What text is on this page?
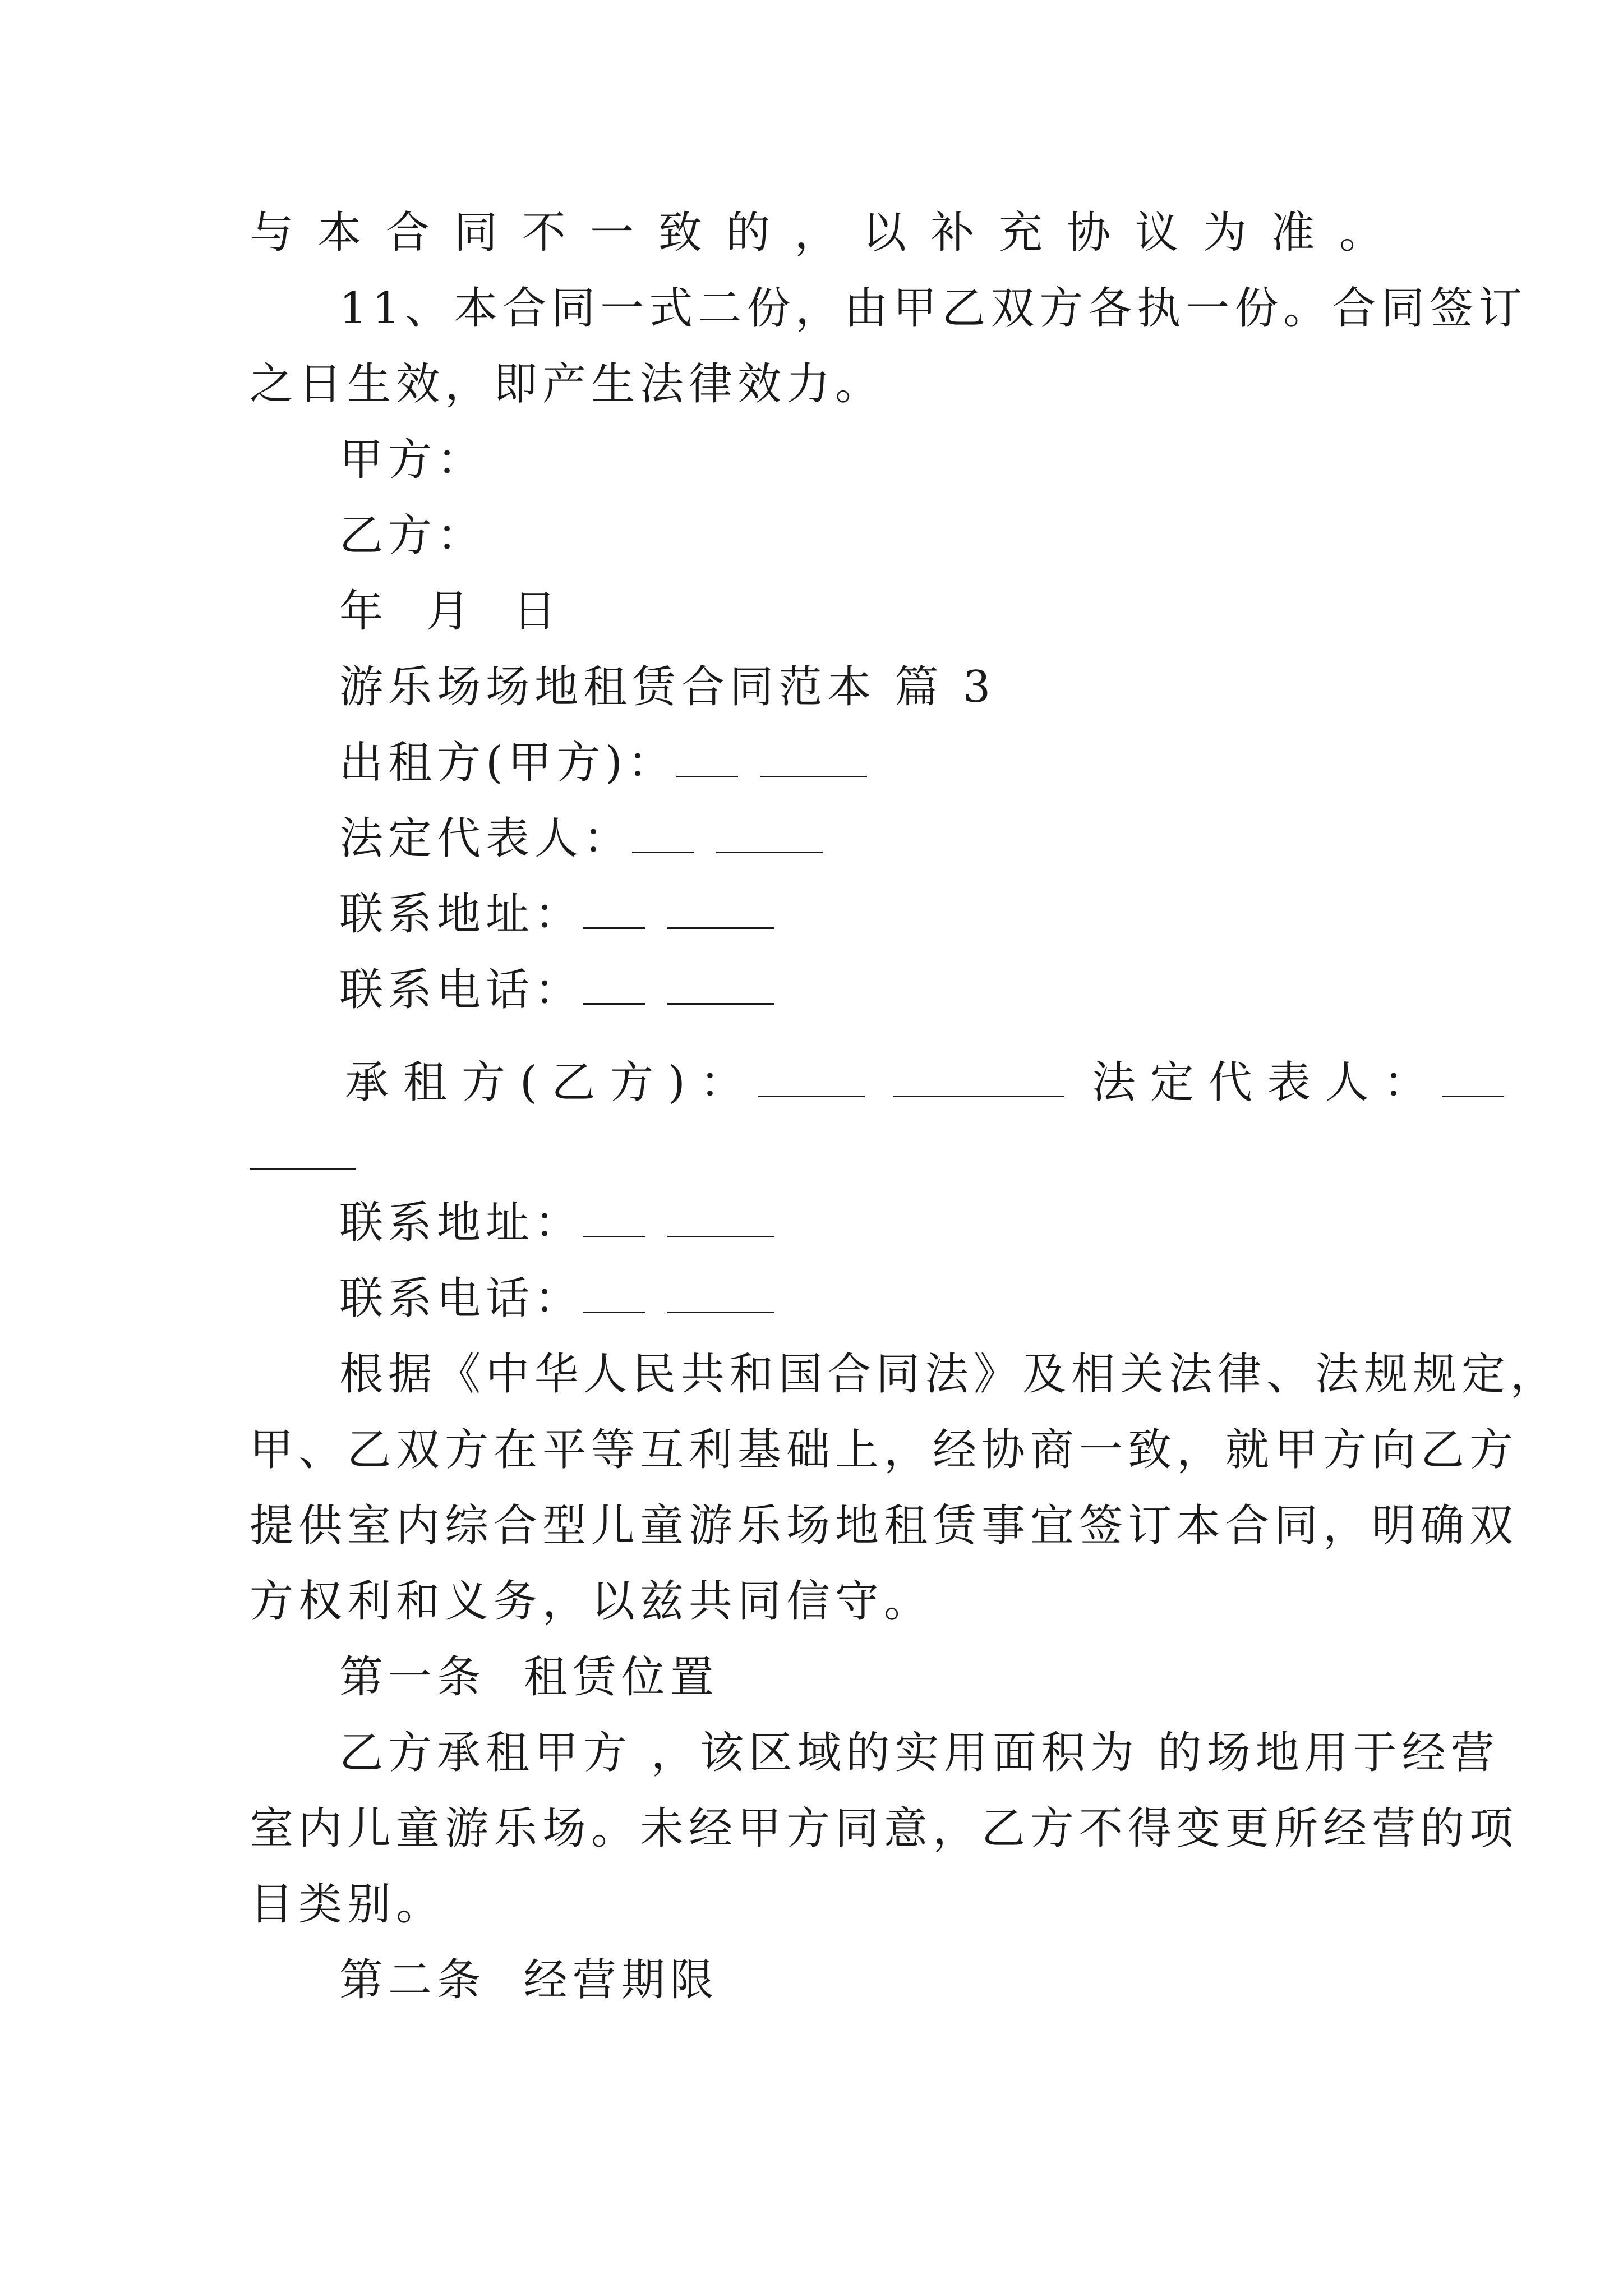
与本合同不一致的，以补充协议为准。
11、本合同一式二份，由甲乙双方各执一份。合同签订
之日生效，即产生法律效力。
甲方：
乙方：
年  月  日
游乐场场地租赁合同范本 篇 3
出租方(甲方)：
法定代表人：
联系地址：
联系电话：
承租方(乙方)：	法定代表人：
联系地址：
联系电话：
根据《中华人民共和国合同法》及相关法律、法规规定，
甲、乙双方在平等互利基础上，经协商一致，就甲方向乙方
提供室内综合型儿童游乐场地租赁事宜签订本合同，明确双
方权利和义务，以兹共同信守。
第一条  租赁位置
乙方承租甲方 ，该区域的实用面积为 的场地用于经营
室内儿童游乐场。未经甲方同意，乙方不得变更所经营的项
目类别。
第二条  经营期限
